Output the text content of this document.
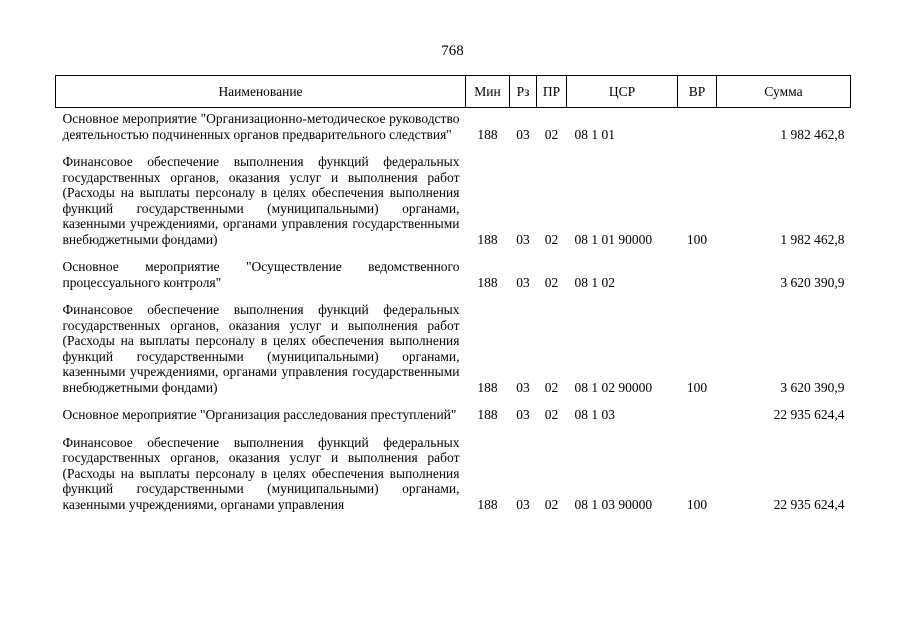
768
Наименование	Мин	Рз	ПР	ЦСР	ВР	Сумма

Основное мероприятие "Организационно-методическое руководство деятельностью подчиненных органов предварительного следствия"	188	03	02	08 1 01		1 982 462,8

Финансовое обеспечение выполнения функций федеральных государственных органов, оказания услуг и выполнения работ (Расходы на выплаты персоналу в целях обеспечения выполнения функций государственными (муниципальными) органами, казенными учреждениями, органами управления государственными внебюджетными фондами)	188	03	02	08 1 01 90000	100	1 982 462,8

Основное мероприятие "Осуществление ведомственного процессуального контроля"	188	03	02	08 1 02		3 620 390,9

Финансовое обеспечение выполнения функций федеральных государственных органов, оказания услуг и выполнения работ (Расходы на выплаты персоналу в целях обеспечения выполнения функций государственными (муниципальными) органами, казенными учреждениями, органами управления государственными внебюджетными фондами)	188	03	02	08 1 02 90000	100	3 620 390,9

Основное мероприятие "Организация расследования преступлений"	188	03	02	08 1 03		22 935 624,4

Финансовое обеспечение выполнения функций федеральных государственных органов, оказания услуг и выполнения работ (Расходы на выплаты персоналу в целях обеспечения выполнения функций государственными (муниципальными) органами, казенными учреждениями, органами управления	188	03	02	08 1 03 90000	100	22 935 624,4
